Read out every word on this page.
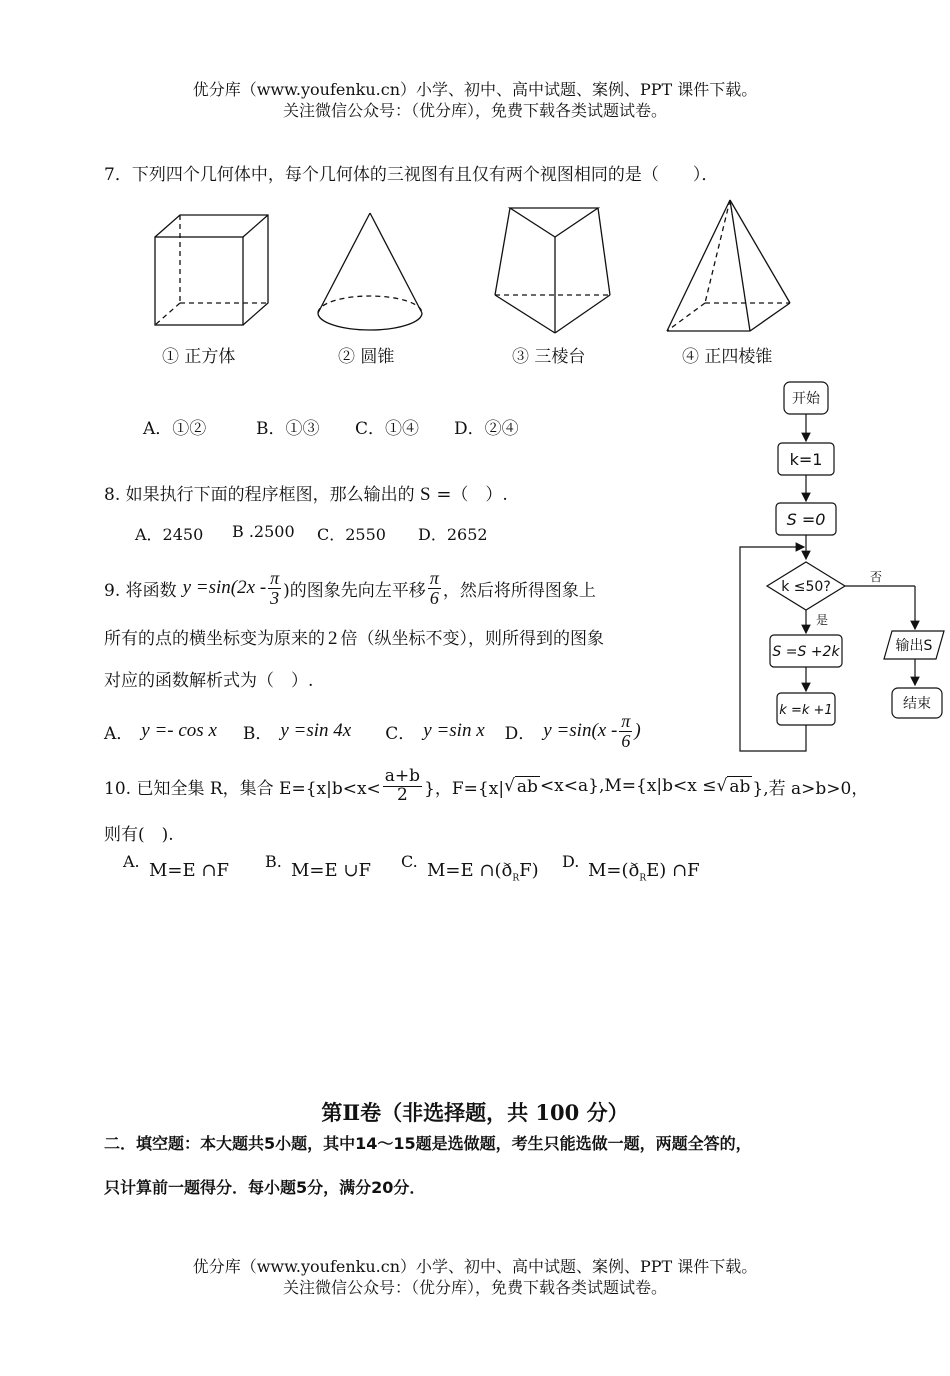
优分库（www.youfenku.cn）小学、初中、高中试题、案例、PPT 课件下载。
关注微信公众号：（优分库），免费下载各类试题试卷。
7．下列四个几何体中，每个几何体的三视图有且仅有两个视图相同的是（　　）．
① 正方体	② 圆锥	③ 三棱台	④ 正四棱锥
A．①②	B．①③ C．①④ D．②④
8. 如果执行下面的程序框图，那么输出的 S =（　）.
A．2450 B .2500 C．2550 D．2652
9. 将函数 $y =\sin(2x - \frac{\pi}{3}$ )的图象先向左平移 $\frac{\pi}{6}$ ，然后将所得图象上
所有的点的横坐标变为原来的 2 倍（纵坐标不变），则所得到的图象
对应的函数解析式为（　）.
A． y =- cos x B． y =sin 4x C． y =sin x D． $y =\sin(x - \frac{\pi}{6}$ )
10. 已知全集 R，集合 $E=\{x|b<x< \frac{a+b}{2}$ }，F={x| √ ab <x<a},M={x|b<x ≤ √ ab },若 a>b>0，
则有(　).
A. M=E ∩F B. M=E ∪F C. M=E $\cap(ð_RF)$ D. $M=(ð_RE)$ ∩F
开始
k=1
S =0
k ≤50?
否
是
S =S +2k
k =k +1
输出S
结束
第Ⅱ卷（非选择题，共 100 分）
二．填空题：本大题共5小题，其中14～15题是选做题，考生只能选做一题，两题全答的，
只计算前一题得分．每小题5分，满分20分．
优分库（www.youfenku.cn）小学、初中、高中试题、案例、PPT 课件下载。
关注微信公众号：（优分库），免费下载各类试题试卷。
